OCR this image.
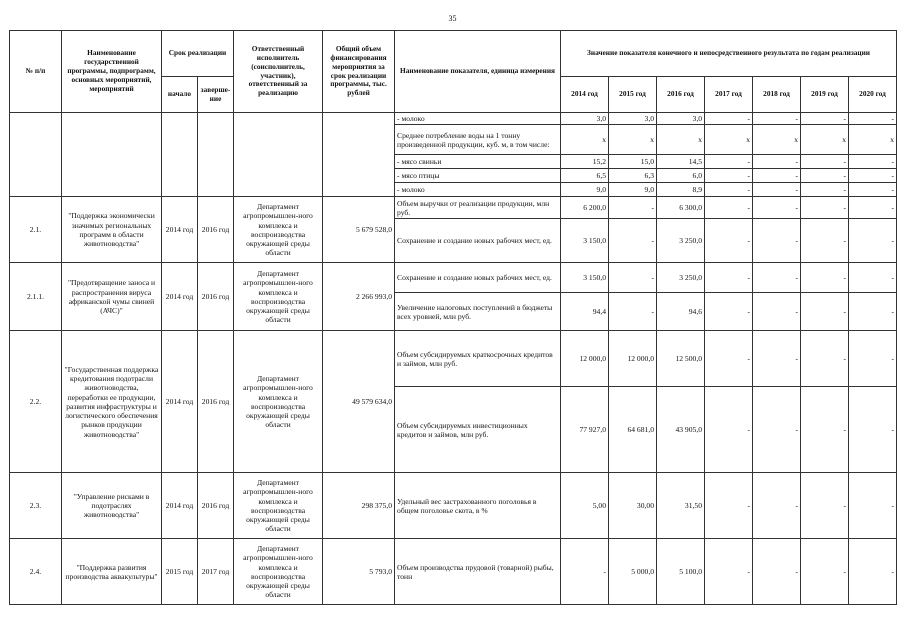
35
№ п/п	Наименование государственной программы, подпрограмм, основных мероприятий, мероприятий	Срок реализации		Ответственный исполнитель (соисполнитель, участник), ответственный за реализацию	Общий объем финансирования мероприятия за срок реализации программы, тыс. рублей	Наименование показателя, единица измерения	Значение показателя конечного и непосредственного результата по годам реализации						
		начало	заверше-ние				2014 год	2015 год	2016 год	2017 год	2018 год	2019 год	2020 год
						- молоко	3,0	3,0	3,0	-	-	-	-
						Среднее потребление воды на 1 тонну произведенной продукции, куб. м, в том числе:	x	x	x	x	x	x	x
						- мясо свиньи	15,2	15,0	14,5	-	-	-	-
						- мясо птицы	6,5	6,3	6,0	-	-	-	-
						- молоко	9,0	9,0	8,9	-	-	-	-
2.1.	"Поддержка экономически значимых региональных программ в области животноводства"	2014 год	2016 год	Департамент агропромышлен-ного комплекса и воспроизводства окружающей среды области	5 679 528,0	Объем выручки от реализации продукции, млн руб.	6 200,0	-	6 300,0	-	-	-	-
						Сохранение и создание новых рабочих мест, ед.	3 150,0	-	3 250,0	-	-	-	-
2.1.1.	"Предотвращение заноса и распространения вируса африканской чумы свиней (АЧС)"	2014 год	2016 год	Департамент агропромышлен-ного комплекса и воспроизводства окружающей среды области	2 266 993,0	Сохранение и создание новых рабочих мест, ед.	3 150,0	-	3 250,0	-	-	-	-
						Увеличение налоговых поступлений в бюджеты всех уровней, млн руб.	94,4	-	94,6	-	-	-	-
2.2.	"Государственная поддержка кредитования подотрасли животноводства, переработки ее продукции, развития инфраструктуры и логистического обеспечения рынков продукции животноводства"	2014 год	2016 год	Департамент агропромышлен-ного комплекса и воспроизводства окружающей среды области	49 579 634,0	Объем субсидируемых краткосрочных кредитов и займов, млн руб.	12 000,0	12 000,0	12 500,0	-	-	-	-
						Объем субсидируемых инвестиционных кредитов и займов, млн руб.	77 927,0	64 681,0	43 905,0	-	-	-	-
2.3.	"Управление рисками в подотраслях животноводства"	2014 год	2016 год	Департамент агропромышлен-ного комплекса и воспроизводства окружающей среды области	298 375,0	Удельный вес застрахованного поголовья в общем поголовье скота, в %	5,00	30,00	31,50	-	-	-	-
2.4.	"Поддержка развития производства аквакультуры"	2015 год	2017 год	Департамент агропромышлен-ного комплекса и воспроизводства окружающей среды области	5 793,0	Объем производства прудовой (товарной) рыбы, тонн	-	5 000,0	5 100,0	-	-	-	-
